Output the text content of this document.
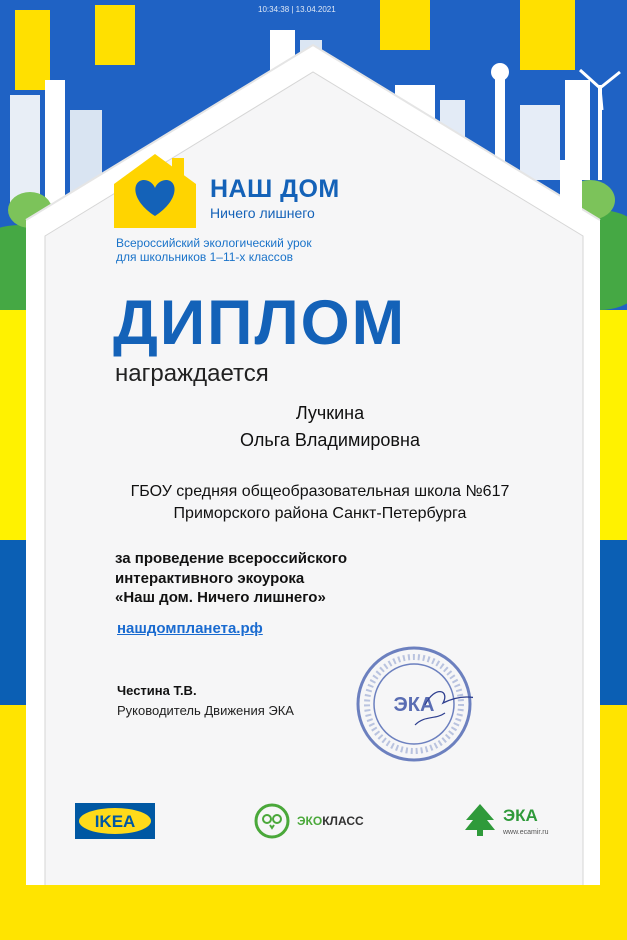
10:34:38 | 13.04.2021
НАШ ДОМ
Ничего лишнего
Всероссийский экологический урок
для школьников 1–11-х классов
ДИПЛОМ
награждается
Лучкина
Ольга Владимировна
ГБОУ средняя общеобразовательная школа №617
Приморского района Санкт-Петербурга
за проведение всероссийского
интерактивного экоурока
«Наш дом. Ничего лишнего»
нашдомпланета.рф
Честина Т.В.
Руководитель Движения ЭКА	ЭКА
IKEA	ЭКОКЛАСС	ЭКА
www.ecamir.ru
